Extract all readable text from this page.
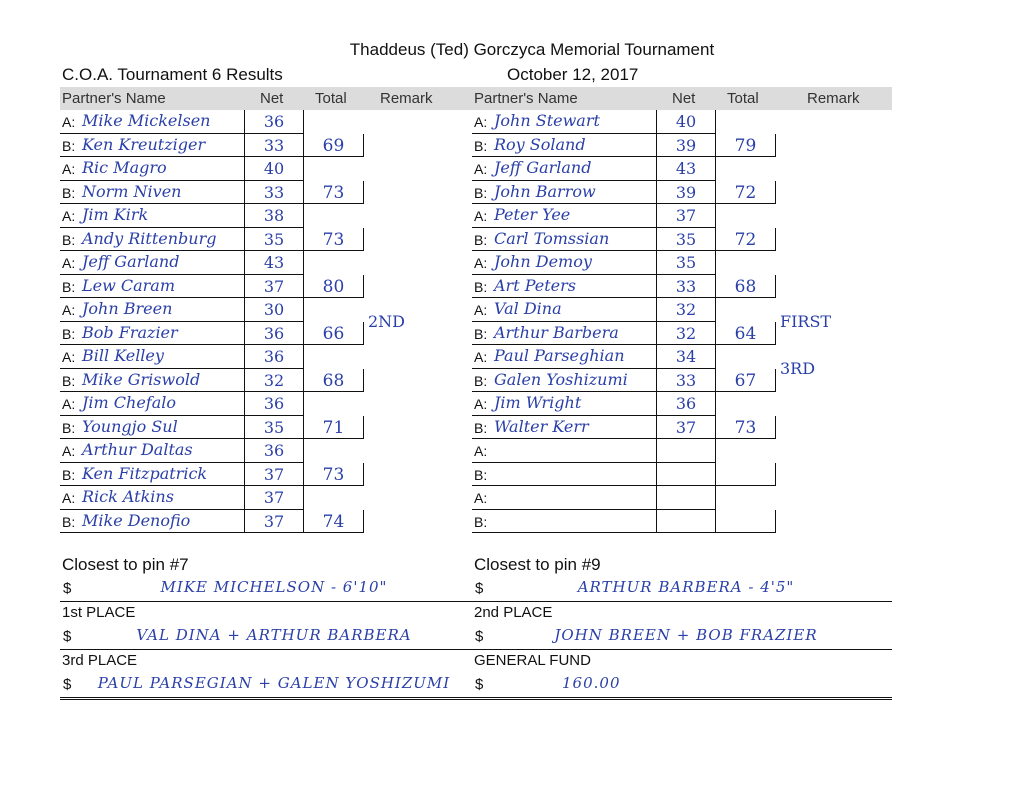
Thaddeus (Ted) Gorczyca Memorial Tournament
C.O.A. Tournament 6 Results	October 12, 2017
Partner's Name	Net Total Remark
A: Mike Mickelsen	36
B: Ken Kreutziger	33	69
A: Ric Magro	40
B: Norm Niven	33	73
A: Jim Kirk	38
B: Andy Rittenburg	35	73
A: Jeff Garland	43
B: Lew Caram	37	80
A: John Breen	30
B: Bob Frazier	36	66
2ND
A: Bill Kelley	36
B: Mike Griswold	32	68
A: Jim Chefalo	36
B: Youngjo Sul	35	71
A: Arthur Daltas	36
B: Ken Fitzpatrick	37	73
A: Rick Atkins	37
B: Mike Denofio	37	74
Partner's Name	Net Total	Remark
A: John Stewart	40
B: Roy Soland	39	79
A: Jeff Garland	43
B: John Barrow	39	72
A: Peter Yee	37
B: Carl Tomssian	35	72
A: John Demoy	35
B: Art Peters	33	68
A: Val Dina	32
B: Arthur Barbera	32	64
FIRST
A: Paul Parseghian	34
B: Galen Yoshizumi	33	67
3RD
A: Jim Wright	36
B: Walter Kerr	37	73
A:
B:
A:
B:
Closest to pin #7
$	MIKE MICHELSON - 6'10"
1st PLACE
$	VAL DINA + ARTHUR BARBERA
3rd PLACE
$	PAUL PARSEGIAN + GALEN YOSHIZUMI
Closest to pin #9
$	ARTHUR BARBERA - 4'5"
2nd PLACE
$	JOHN BREEN + BOB FRAZIER
GENERAL FUND
$	160.00
